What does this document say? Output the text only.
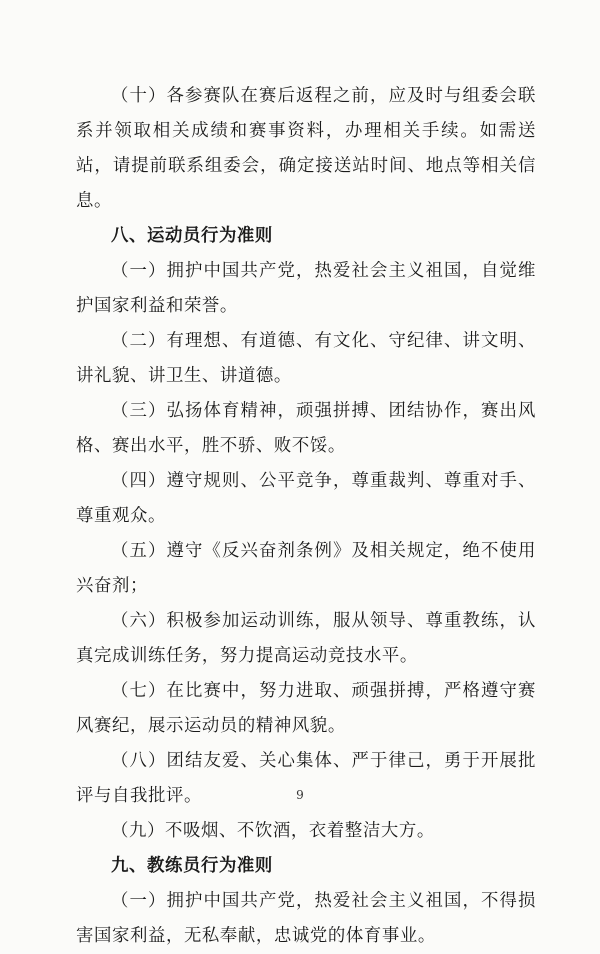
（十）各参赛队在赛后返程之前，应及时与组委会联系并领取相关成绩和赛事资料，办理相关手续。如需送站，请提前联系组委会，确定接送站时间、地点等相关信息。

八、运动员行为准则

（一）拥护中国共产党，热爱社会主义祖国，自觉维护国家利益和荣誉。

（二）有理想、有道德、有文化、守纪律、讲文明、讲礼貌、讲卫生、讲道德。

（三）弘扬体育精神，顽强拼搏、团结协作，赛出风格、赛出水平，胜不骄、败不馁。

（四）遵守规则、公平竞争，尊重裁判、尊重对手、尊重观众。

（五）遵守《反兴奋剂条例》及相关规定，绝不使用兴奋剂；

（六）积极参加运动训练，服从领导、尊重教练，认真完成训练任务，努力提高运动竞技水平。

（七）在比赛中，努力进取、顽强拼搏，严格遵守赛风赛纪，展示运动员的精神风貌。

（八）团结友爱、关心集体、严于律己，勇于开展批评与自我批评。

（九）不吸烟、不饮酒，衣着整洁大方。

九、教练员行为准则

（一）拥护中国共产党，热爱社会主义祖国，不得损害国家利益，无私奉献，忠诚党的体育事业。

9
